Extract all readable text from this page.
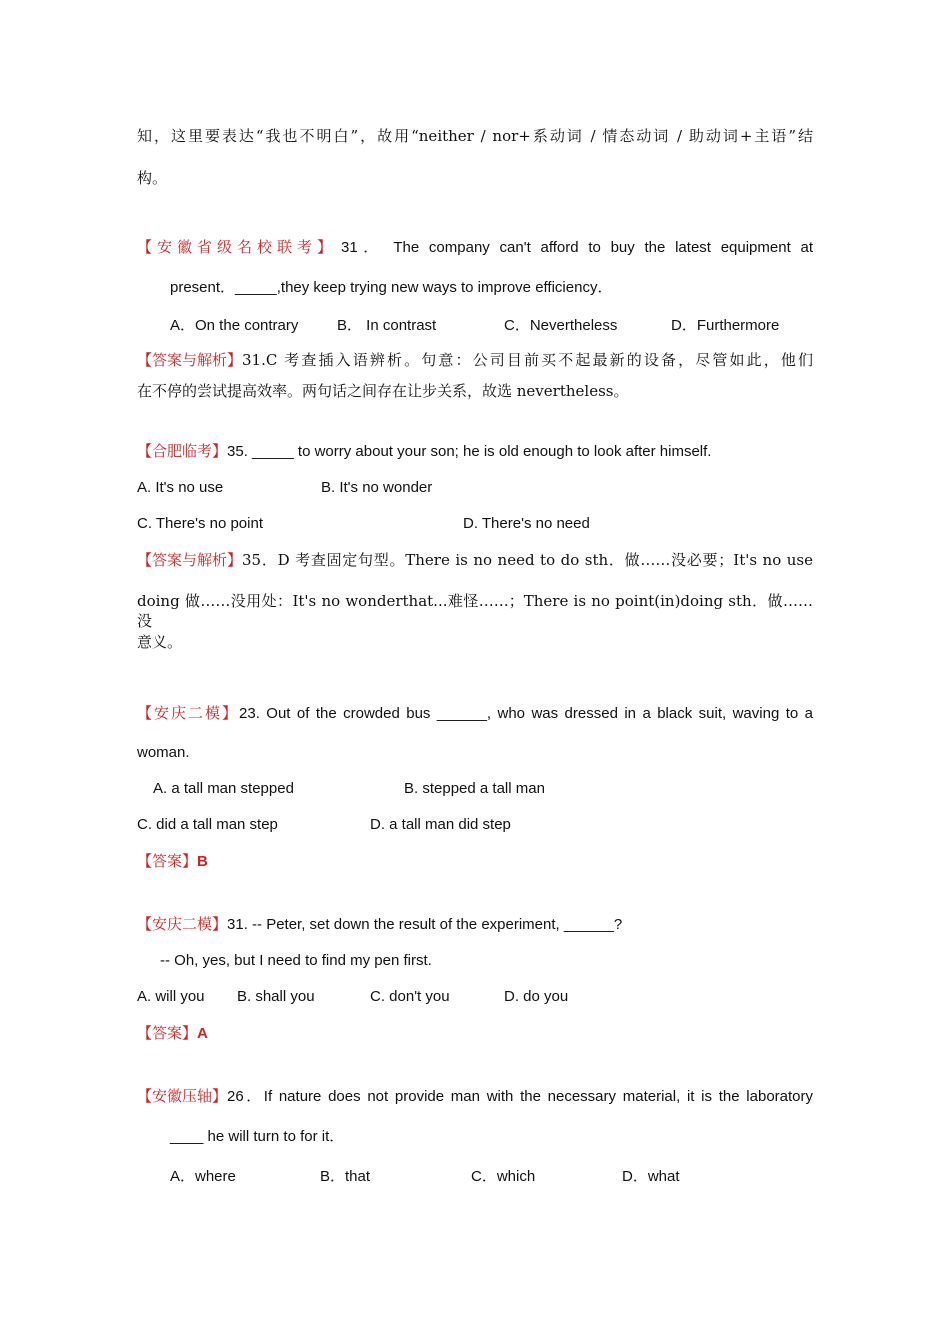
知，这里要表达“我也不明白”，故用“neither / nor+系动词 / 情态动词 / 助动词+主语”结
构。
【安徽省级名校联考】 31． The company can't afford to buy the latest equipment at
present．_____,they keep trying new ways to improve efficiency．
A．On the contrary	B． In contrast	C．Nevertheless	D．Furthermore
【答案与解析】 31.C 考查插入语辨析。句意：公司目前买不起最新的设备，尽管如此，他们
在不停的尝试提高效率。两句话之间存在让步关系，故选 nevertheless。
【合肥临考】35. _____ to worry about your son; he is old enough to look after himself.
A. It's no use	B. It's no wonder
C. There's no point	D. There's no need
【答案与解析】 35．D 考查固定句型。There is no need to do sth．做……没必要；It's no use
doing 做……没用处：It's no wonderthat...难怪……；There is no point(in)doing sth．做……没
意义。
【安庆二模】 23. Out of the crowded bus ______, who was dressed in a black suit, waving to a
woman.
A. a tall man stepped	B. stepped a tall man
C. did a tall man step	D. a tall man did step
【答案】B
【安庆二模】31. -- Peter, set down the result of the experiment, ______?
-- Oh, yes, but I need to find my pen first.
A. will you B. shall you	C. don't you	D. do you
【答案】A
【安徽压轴】 26．If nature does not provide man with the necessary material, it is the laboratory
____ he will turn to for it．
A．where	B．that	C．which	D．what
